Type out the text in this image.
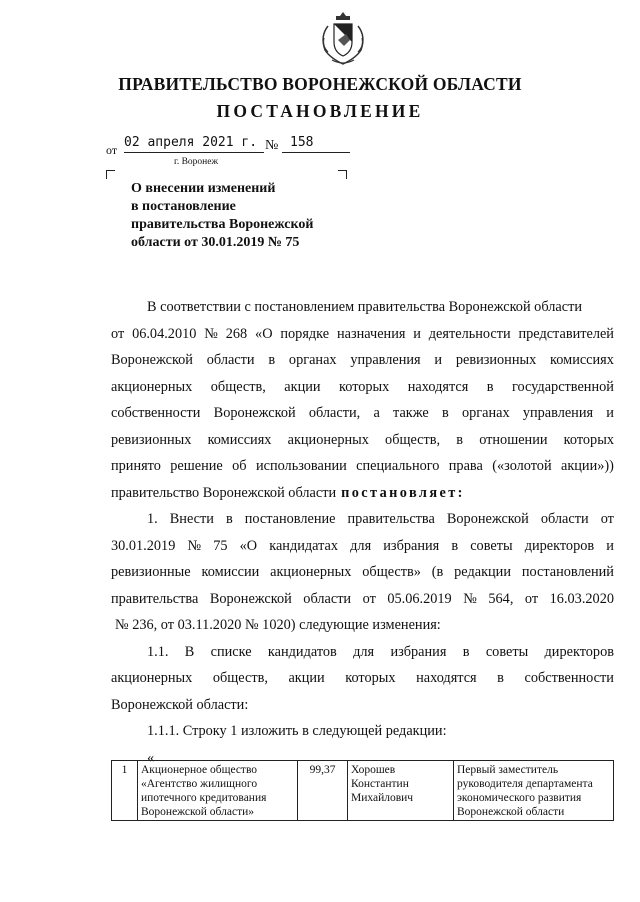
ПРАВИТЕЛЬСТВО ВОРОНЕЖСКОЙ ОБЛАСТИ
ПОСТАНОВЛЕНИЕ
от 02 апреля 2021 г. № 158
г. Воронеж
О внесении изменений
в постановление
правительства Воронежской
области от 30.01.2019 № 75
В соответствии с постановлением правительства Воронежской области
от 06.04.2010 № 268 «О порядке назначения и деятельности представителей
Воронежской области в органах управления и ревизионных комиссиях
акционерных обществ, акции которых находятся в государственной
собственности Воронежской области, а также в органах управления и
ревизионных комиссиях акционерных обществ, в отношении которых
принято решение об использовании специального права («золотой акции»))
правительство Воронежской области постановляет:
1. Внести в постановление правительства Воронежской области от
30.01.2019 № 75 «О кандидатах для избрания в советы директоров и
ревизионные комиссии акционерных обществ» (в редакции постановлений
правительства Воронежской области от 05.06.2019 № 564, от 16.03.2020
№ 236, от 03.11.2020 № 1020) следующие изменения:
1.1. В списке кандидатов для избрания в советы директоров
акционерных обществ, акции которых находятся в собственности
Воронежской области:
1.1.1. Строку 1 изложить в следующей редакции:
«
1	Акционерное общество «Агентство жилищного ипотечного кредитования Воронежской области»	99,37	Хорошев Константин Михайлович	Первый заместитель руководителя департамента экономического развития Воронежской области
